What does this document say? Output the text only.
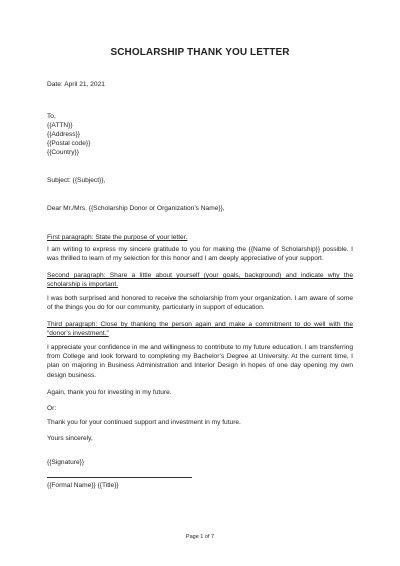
SCHOLARSHIP THANK YOU LETTER
Date: April 21, 2021
To,
{{ATTN}}
{{Address}}
{{Postal code}}
{{Country}}
Subject: {{Subject}},
Dear Mr./Mrs. {{Scholarship Donor or Organization’s Name}},
First paragraph: State the purpose of your letter.
I am writing to express my sincere gratitude to you for making the {{Name of Scholarship}} possible. I was thrilled to learn of my selection for this honor and I am deeply appreciative of your support.
Second paragraph: Share a little about yourself (your goals, background) and indicate why the scholarship is important.
I was both surprised and honored to receive the scholarship from your organization. I am aware of some of the things you do for our community, particularly in support of education.
Third paragraph: Close by thanking the person again and make a commitment to do well with the “donor’s investment.”
I appreciate your confidence in me and willingness to contribute to my future education. I am transferring from College and look forward to completing my Bachelor’s Degree at University. At the current time, I plan on majoring in Business Administration and Interior Design in hopes of one day opening my own design business.
Again, thank you for investing in my future.
Or:
Thank you for your continued support and investment in my future.
Yours sincerely,
{{Signature}}
{{Formal Name}} {{Title}}
Page 1 of 7
